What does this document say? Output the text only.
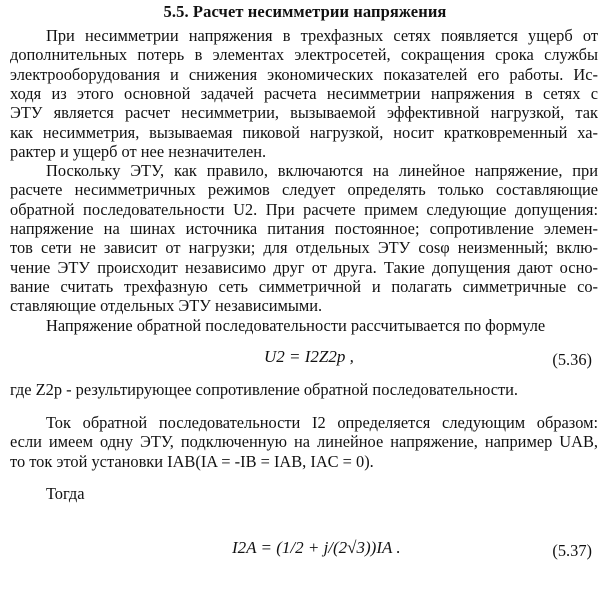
5.5. Расчет несимметрии напряжения
При несимметрии напряжения в трехфазных сетях появляется ущерб от
дополнительных потерь в элементах электросетей, сокращения срока службы
электрооборудования и снижения экономических показателей его работы. Ис-
ходя из этого основной задачей расчета несимметрии напряжения в сетях с
ЭТУ является расчет несимметрии, вызываемой эффективной нагрузкой, так
как несимметрия, вызываемая пиковой нагрузкой, носит кратковременный ха-
рактер и ущерб от нее незначителен.
Поскольку ЭТУ, как правило, включаются на линейное напряжение, при
расчете несимметричных режимов следует определять только составляющие
обратной последовательности U2. При расчете примем следующие допущения:
напряжение на шинах источника питания постоянное; сопротивление элемен-
тов сети не зависит от нагрузки; для отдельных ЭТУ cosφ неизменный; вклю-
чение ЭТУ происходит независимо друг от друга. Такие допущения дают осно-
вание считать трехфазную сеть симметричной и полагать симметричные со-
ставляющие отдельных ЭТУ независимыми.
Напряжение обратной последовательности рассчитывается по формуле
U2 = I2Z2p ,	(5.36)
где Z2p - результирующее сопротивление обратной последовательности.
Ток обратной последовательности I2 определяется следующим образом:
если имеем одну ЭТУ, подключенную на линейное напряжение, например UAB,
то ток этой установки IAB(IA = -IB = IAB, IAC = 0).
Тогда
I2A = (1/2 + j/(2√3))IA .	(5.37)
